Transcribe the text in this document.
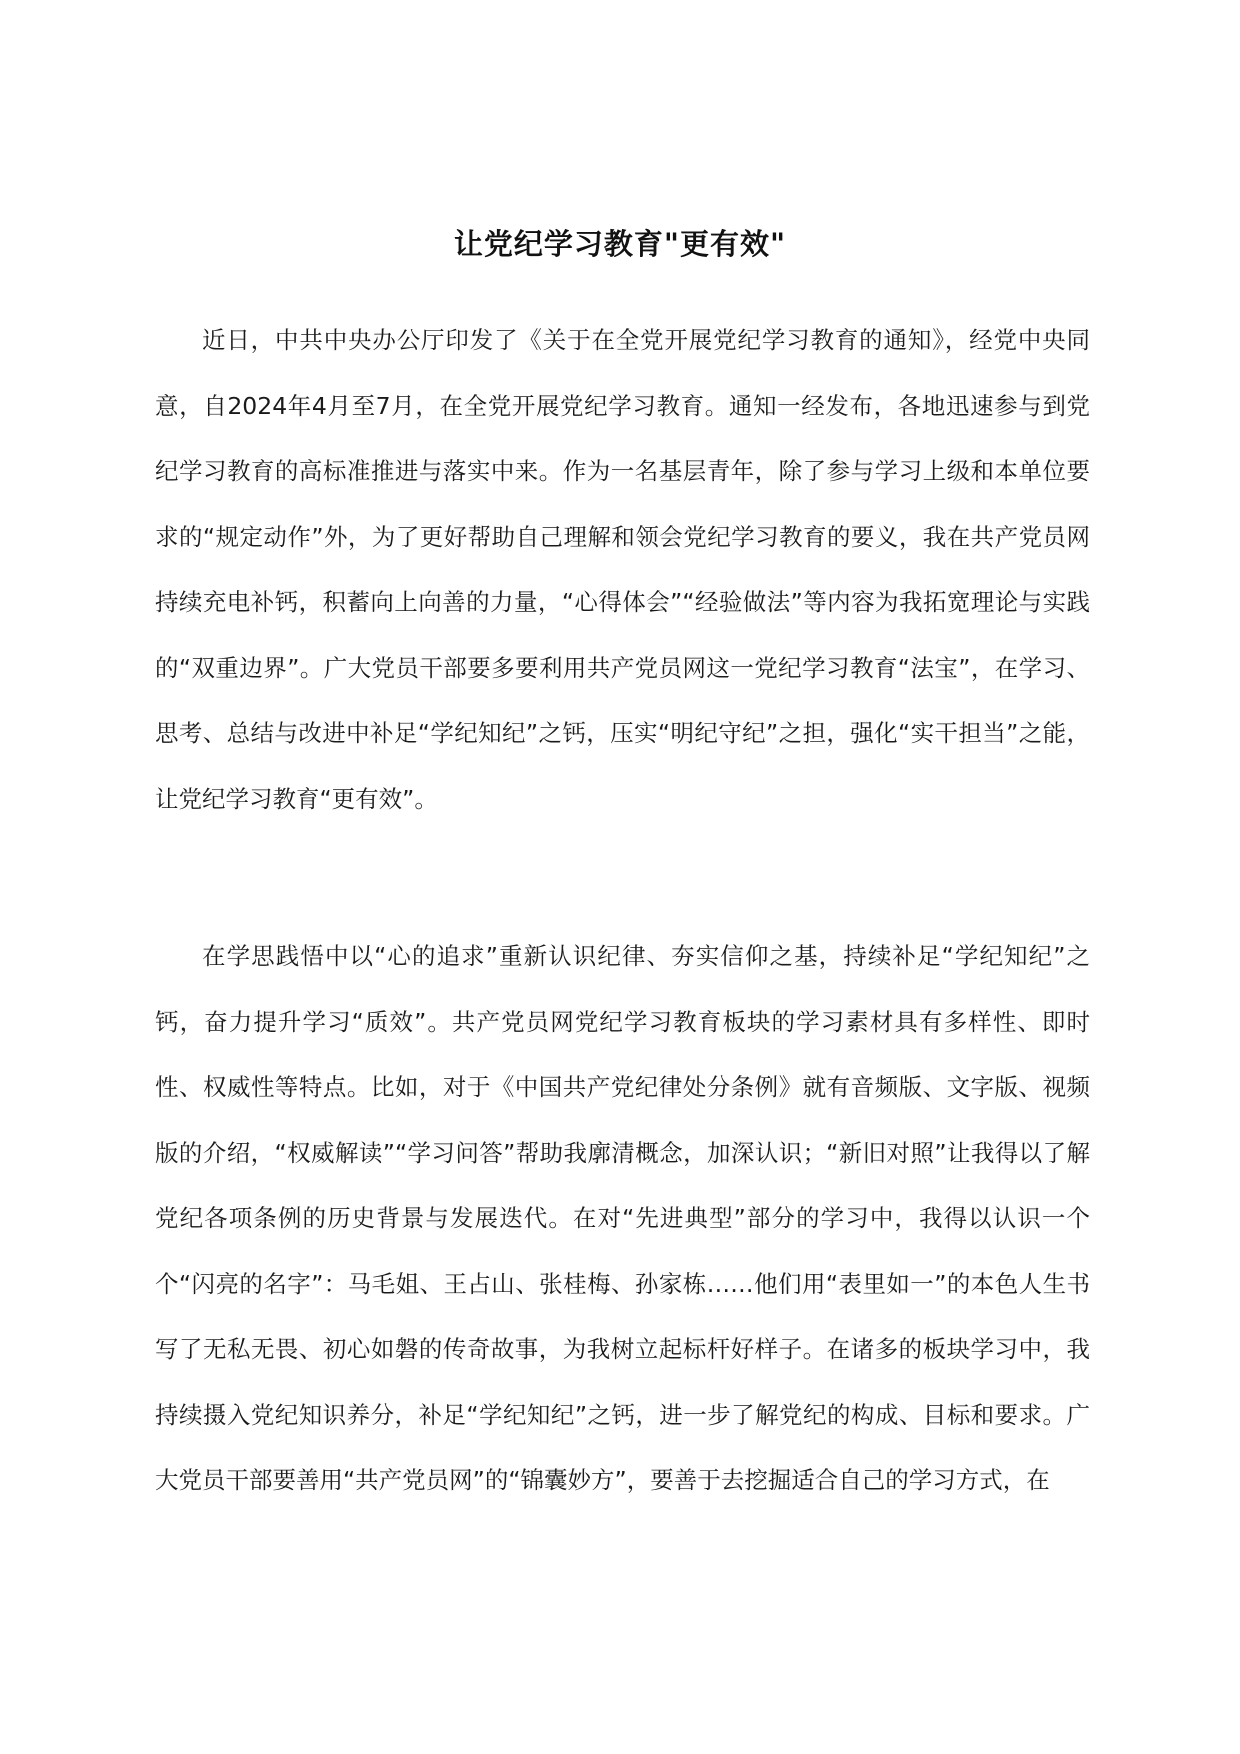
让党纪学习教育"更有效"

近日，中共中央办公厅印发了《关于在全党开展党纪学习教育的通知》，经党中央同意，自2024年4月至7月，在全党开展党纪学习教育。通知一经发布，各地迅速参与到党纪学习教育的高标准推进与落实中来。作为一名基层青年，除了参与学习上级和本单位要求的“规定动作”外，为了更好帮助自己理解和领会党纪学习教育的要义，我在共产党员网持续充电补钙，积蓄向上向善的力量，“心得体会”“经验做法”等内容为我拓宽理论与实践的“双重边界”。广大党员干部要多要利用共产党员网这一党纪学习教育“法宝”，在学习、思考、总结与改进中补足“学纪知纪”之钙，压实“明纪守纪”之担，强化“实干担当”之能，让党纪学习教育“更有效”。

在学思践悟中以“心的追求”重新认识纪律、夯实信仰之基，持续补足“学纪知纪”之钙，奋力提升学习“质效”。共产党员网党纪学习教育板块的学习素材具有多样性、即时性、权威性等特点。比如，对于《中国共产党纪律处分条例》就有音频版、文字版、视频版的介绍，“权威解读”“学习问答”帮助我廓清概念，加深认识；“新旧对照”让我得以了解党纪各项条例的历史背景与发展迭代。在对“先进典型”部分的学习中，我得以认识一个个“闪亮的名字”：马毛姐、王占山、张桂梅、孙家栋……他们用“表里如一”的本色人生书写了无私无畏、初心如磐的传奇故事，为我树立起标杆好样子。在诸多的板块学习中，我持续摄入党纪知识养分，补足“学纪知纪”之钙，进一步了解党纪的构成、目标和要求。广大党员干部要善用“共产党员网”的“锦囊妙方”，要善于去挖掘适合自己的学习方式，在
